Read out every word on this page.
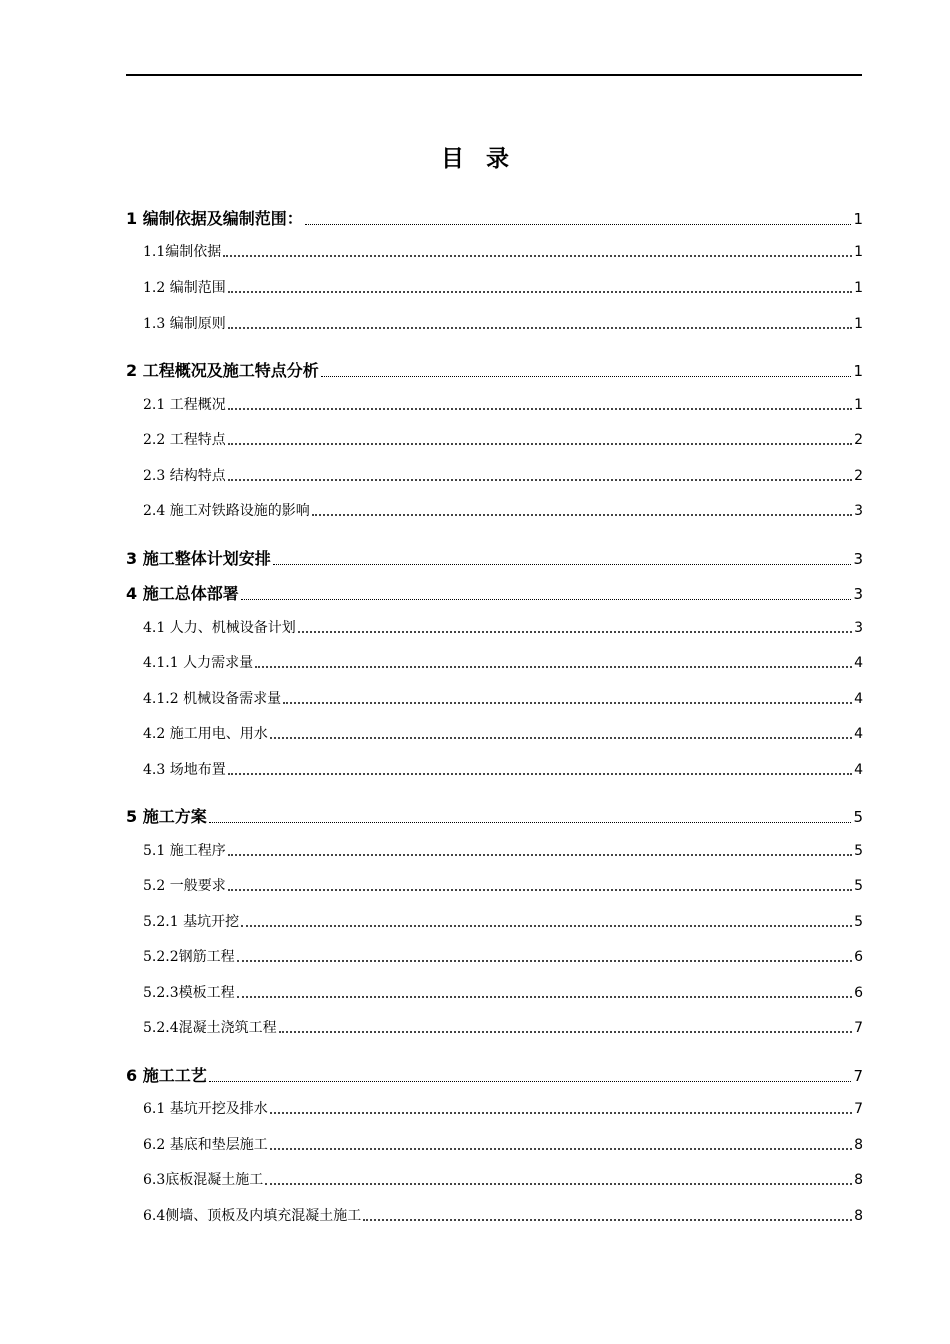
目录
1 编制依据及编制范围：	1
1.1编制依据	1
1.2 编制范围	1
1.3 编制原则	1
2 工程概况及施工特点分析	1
2.1 工程概况	1
2.2 工程特点	2
2.3 结构特点	2
2.4 施工对铁路设施的影响	3
3 施工整体计划安排	3
4 施工总体部署	3
4.1 人力、机械设备计划	3
4.1.1 人力需求量	4
4.1.2 机械设备需求量	4
4.2 施工用电、用水	4
4.3 场地布置	4
5 施工方案	5
5.1 施工程序	5
5.2 一般要求	5
5.2.1 基坑开挖	5
5.2.2钢筋工程	6
5.2.3模板工程	6
5.2.4混凝土浇筑工程	7
6 施工工艺	7
6.1 基坑开挖及排水	7
6.2 基底和垫层施工	8
6.3底板混凝土施工	8
6.4侧墙、顶板及内填充混凝土施工	8
